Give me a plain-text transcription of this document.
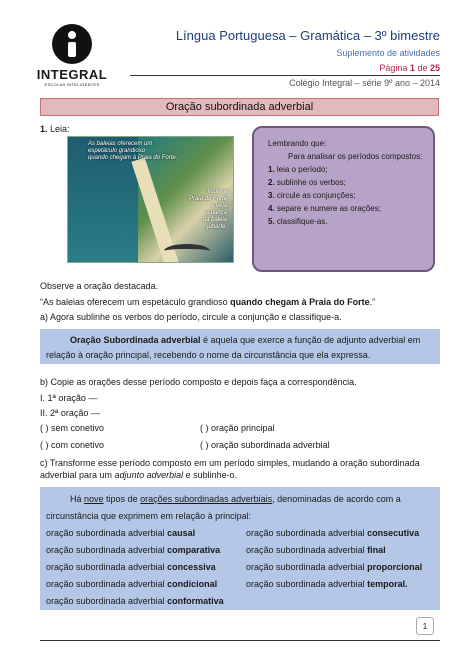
INTEGRAL
ESCOLAS INTELIGENTES
Língua Portuguesa – Gramática – 3º bimestre
Suplemento de atividades
Página 1 de 25
Colégio Integral – série 9º ano – 2014
Oração subordinada adverbial
1. Leia:
As baleias oferecem um
espetáculo grandioso
quando chegam à Praia do Forte.
Visite a
Praia do Forte
e veja
a dança
da baleia
jubarte.
Lembrando que:
Para analisar os períodos compostos:
1. leia o período;
2. sublinhe os verbos;
3. circule as conjunções;
4. separe e numere as orações;
5. classifique-as.
Observe a oração destacada.
“As baleias oferecem um espetáculo grandioso quando chegam à Praia do Forte.”
a) Agora sublinhe os verbos do período, circule a conjunção e classifique-a.
Oração Subordinada adverbial é aquela que exerce a função de adjunto adverbial em relação à oração principal, recebendo o nome da circunstância que ela expressa.
b) Copie as orações desse período composto e depois faça a correspondência.
I. 1ª oração —
II. 2ª oração —
( ) sem conetivo	( ) oração principal
( ) com conetivo	( ) oração subordinada adverbial
c) Transforme esse período composto em um período simples, mudando a oração subordinada adverbial para um adjunto adverbial e sublinhe-o.
Há nove tipos de orações subordinadas adverbiais, denominadas de acordo com a circunstância que exprimem em relação à principal:
oração subordinada adverbial causal	oração subordinada adverbial consecutiva
oração subordinada adverbial comparativa	oração subordinada adverbial final
oração subordinada adverbial concessiva	oração subordinada adverbial proporcional
oração subordinada adverbial condicional	oração subordinada adverbial temporal.
oração subordinada adverbial conformativa
1
